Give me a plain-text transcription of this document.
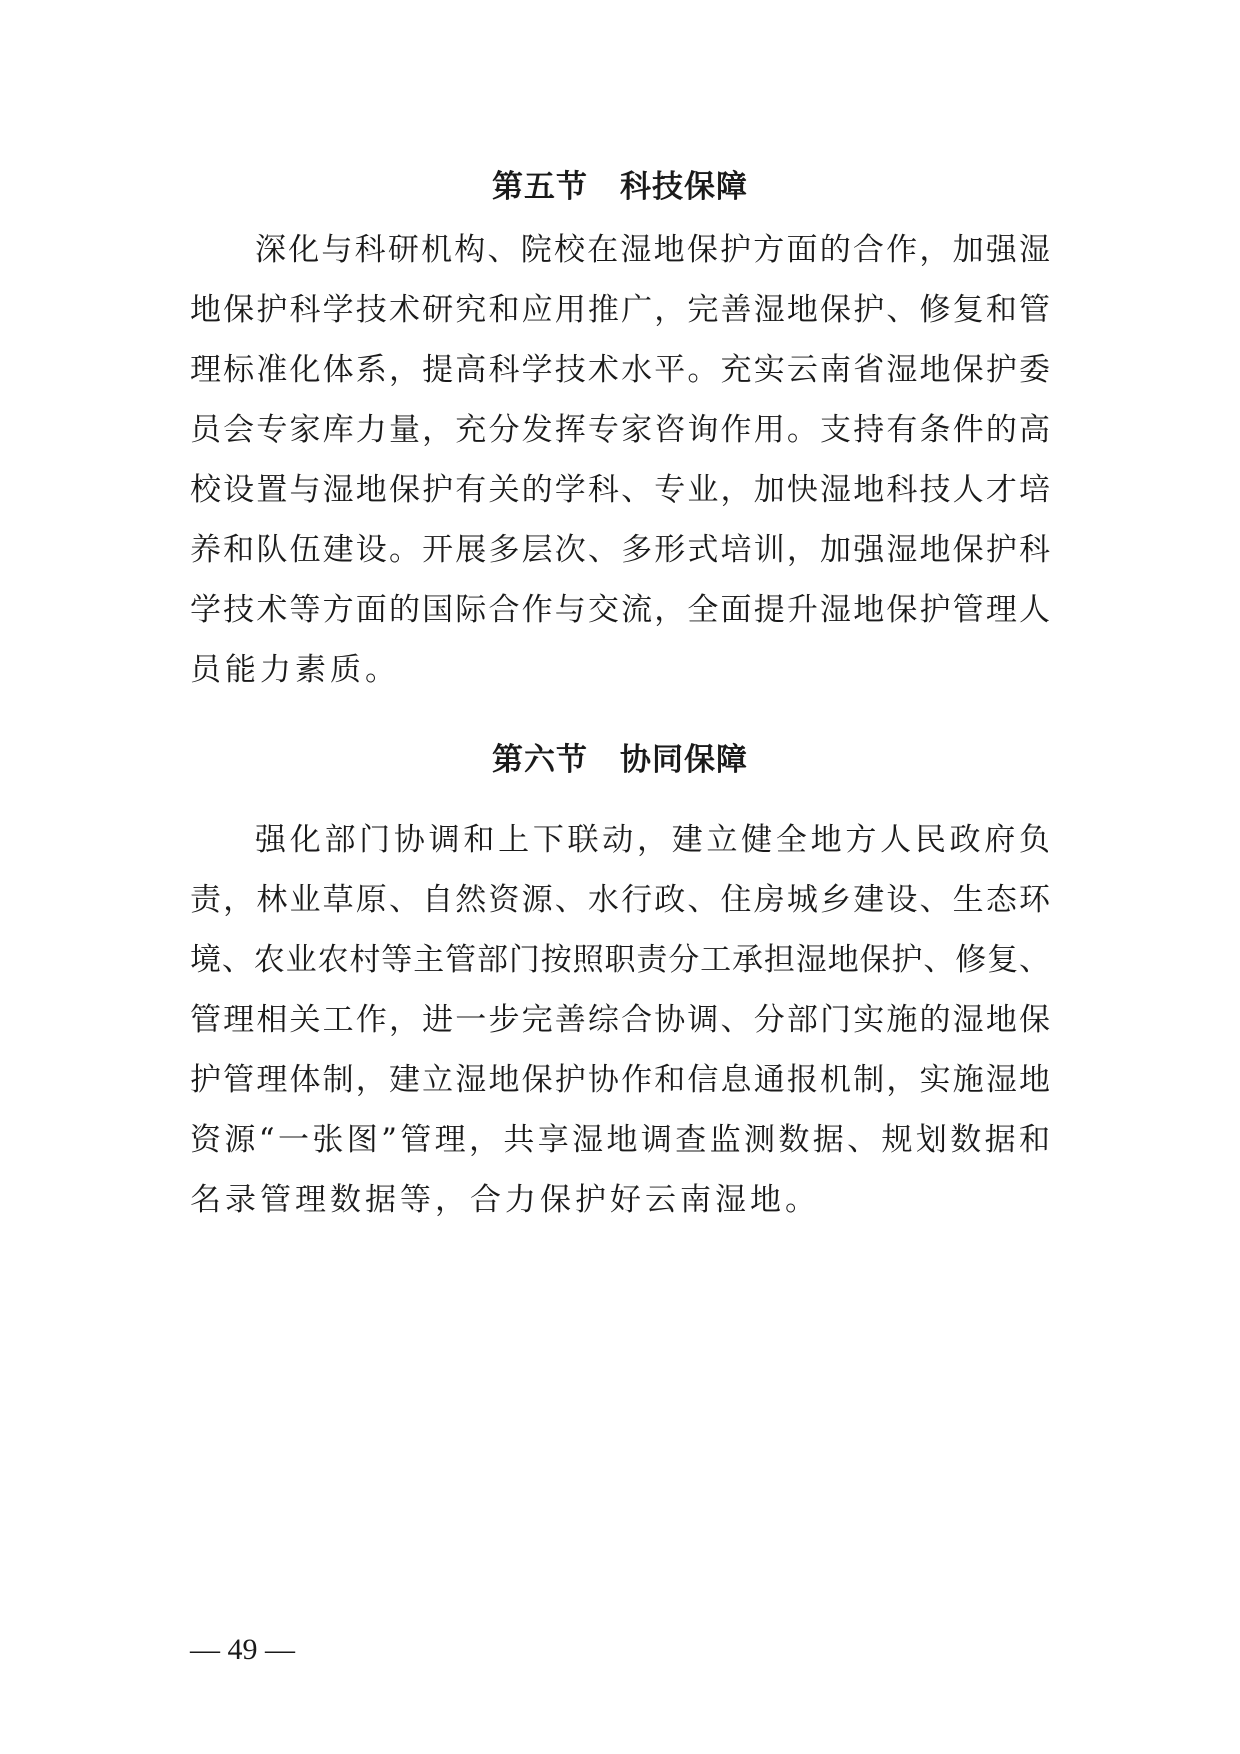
第五节　科技保障
深化与科研机构、院校在湿地保护方面的合作，加强湿
地保护科学技术研究和应用推广，完善湿地保护、修复和管
理标准化体系，提高科学技术水平。充实云南省湿地保护委
员会专家库力量，充分发挥专家咨询作用。支持有条件的高
校设置与湿地保护有关的学科、专业，加快湿地科技人才培
养和队伍建设。开展多层次、多形式培训，加强湿地保护科
学技术等方面的国际合作与交流，全面提升湿地保护管理人
员能力素质。
第六节　协同保障
强化部门协调和上下联动，建立健全地方人民政府负
责，林业草原、自然资源、水行政、住房城乡建设、生态环
境、农业农村等主管部门按照职责分工承担湿地保护、修复、
管理相关工作，进一步完善综合协调、分部门实施的湿地保
护管理体制，建立湿地保护协作和信息通报机制，实施湿地
资源“一张图”管理，共享湿地调查监测数据、规划数据和
名录管理数据等，合力保护好云南湿地。
— 49 —
